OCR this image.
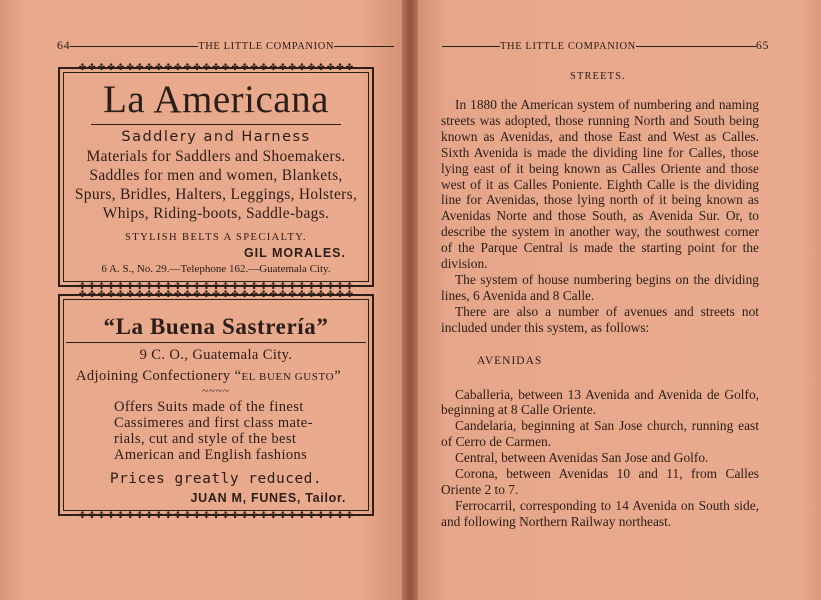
64	THE LITTLE COMPANION	THE LITTLE COMPANION	65
✤✤✤✤✤✤✤✤✤✤✤✤✤✤✤✤✤✤✤✤✤✤✤✤✤✤✤✤✤
✤✤✤✤✤✤✤✤✤✤✤✤✤✤✤✤✤✤✤✤✤✤✤✤✤✤✤✤✤
La Americana
Saddlery and Harness
Materials for Saddlers and Shoemakers.
Saddles for men and women, Blankets,
Spurs, Bridles, Halters, Leggings, Holsters,
Whips, Riding-boots, Saddle-bags.
STYLISH BELTS A SPECIALTY.
GIL MORALES.
6 A. S., No. 29.—Telephone 162.—Guatemala City.
✤✤✤✤✤✤✤✤✤✤✤✤✤✤✤✤✤✤✤✤✤✤✤✤✤✤✤✤✤
✤✤✤✤✤✤✤✤✤✤✤✤✤✤✤✤✤✤✤✤✤✤✤✤✤✤✤✤✤
“La Buena Sastrería”
9 C. O., Guatemala City.
Adjoining Confectionery “EL BUEN GUSTO”
~~~~
Offers Suits made of the finest
Cassimeres and first class mate-
rials, cut and style of the best
American and English fashions
Prices greatly reduced.
JUAN M, FUNES, Tailor.
STREETS.

In 1880 the American system of numbering and naming streets was adopted, those running North and South being known as Avenidas, and those East and West as Calles. Sixth Avenida is made the dividing line for Calles, those lying east of it being known as Calles Oriente and those west of it as Calles Poniente. Eighth Calle is the dividing line for Avenidas, those lying north of it being known as Avenidas Norte and those South, as Avenida Sur. Or, to describe the system in another way, the southwest corner of the Parque Central is made the starting point for the division.

The system of house numbering begins on the dividing lines, 6 Avenida and 8 Calle.

There are also a number of avenues and streets not included under this system, as follows:

AVENIDAS

Caballeria, between 13 Avenida and Avenida de Golfo, beginning at 8 Calle Oriente.

Candelaria, beginning at San Jose church, running east of Cerro de Carmen.

Central, between Avenidas San Jose and Golfo.

Corona, between Avenidas 10 and 11, from Calles Oriente 2 to 7.

Ferrocarril, corresponding to 14 Avenida on South side, and following Northern Railway northeast.
